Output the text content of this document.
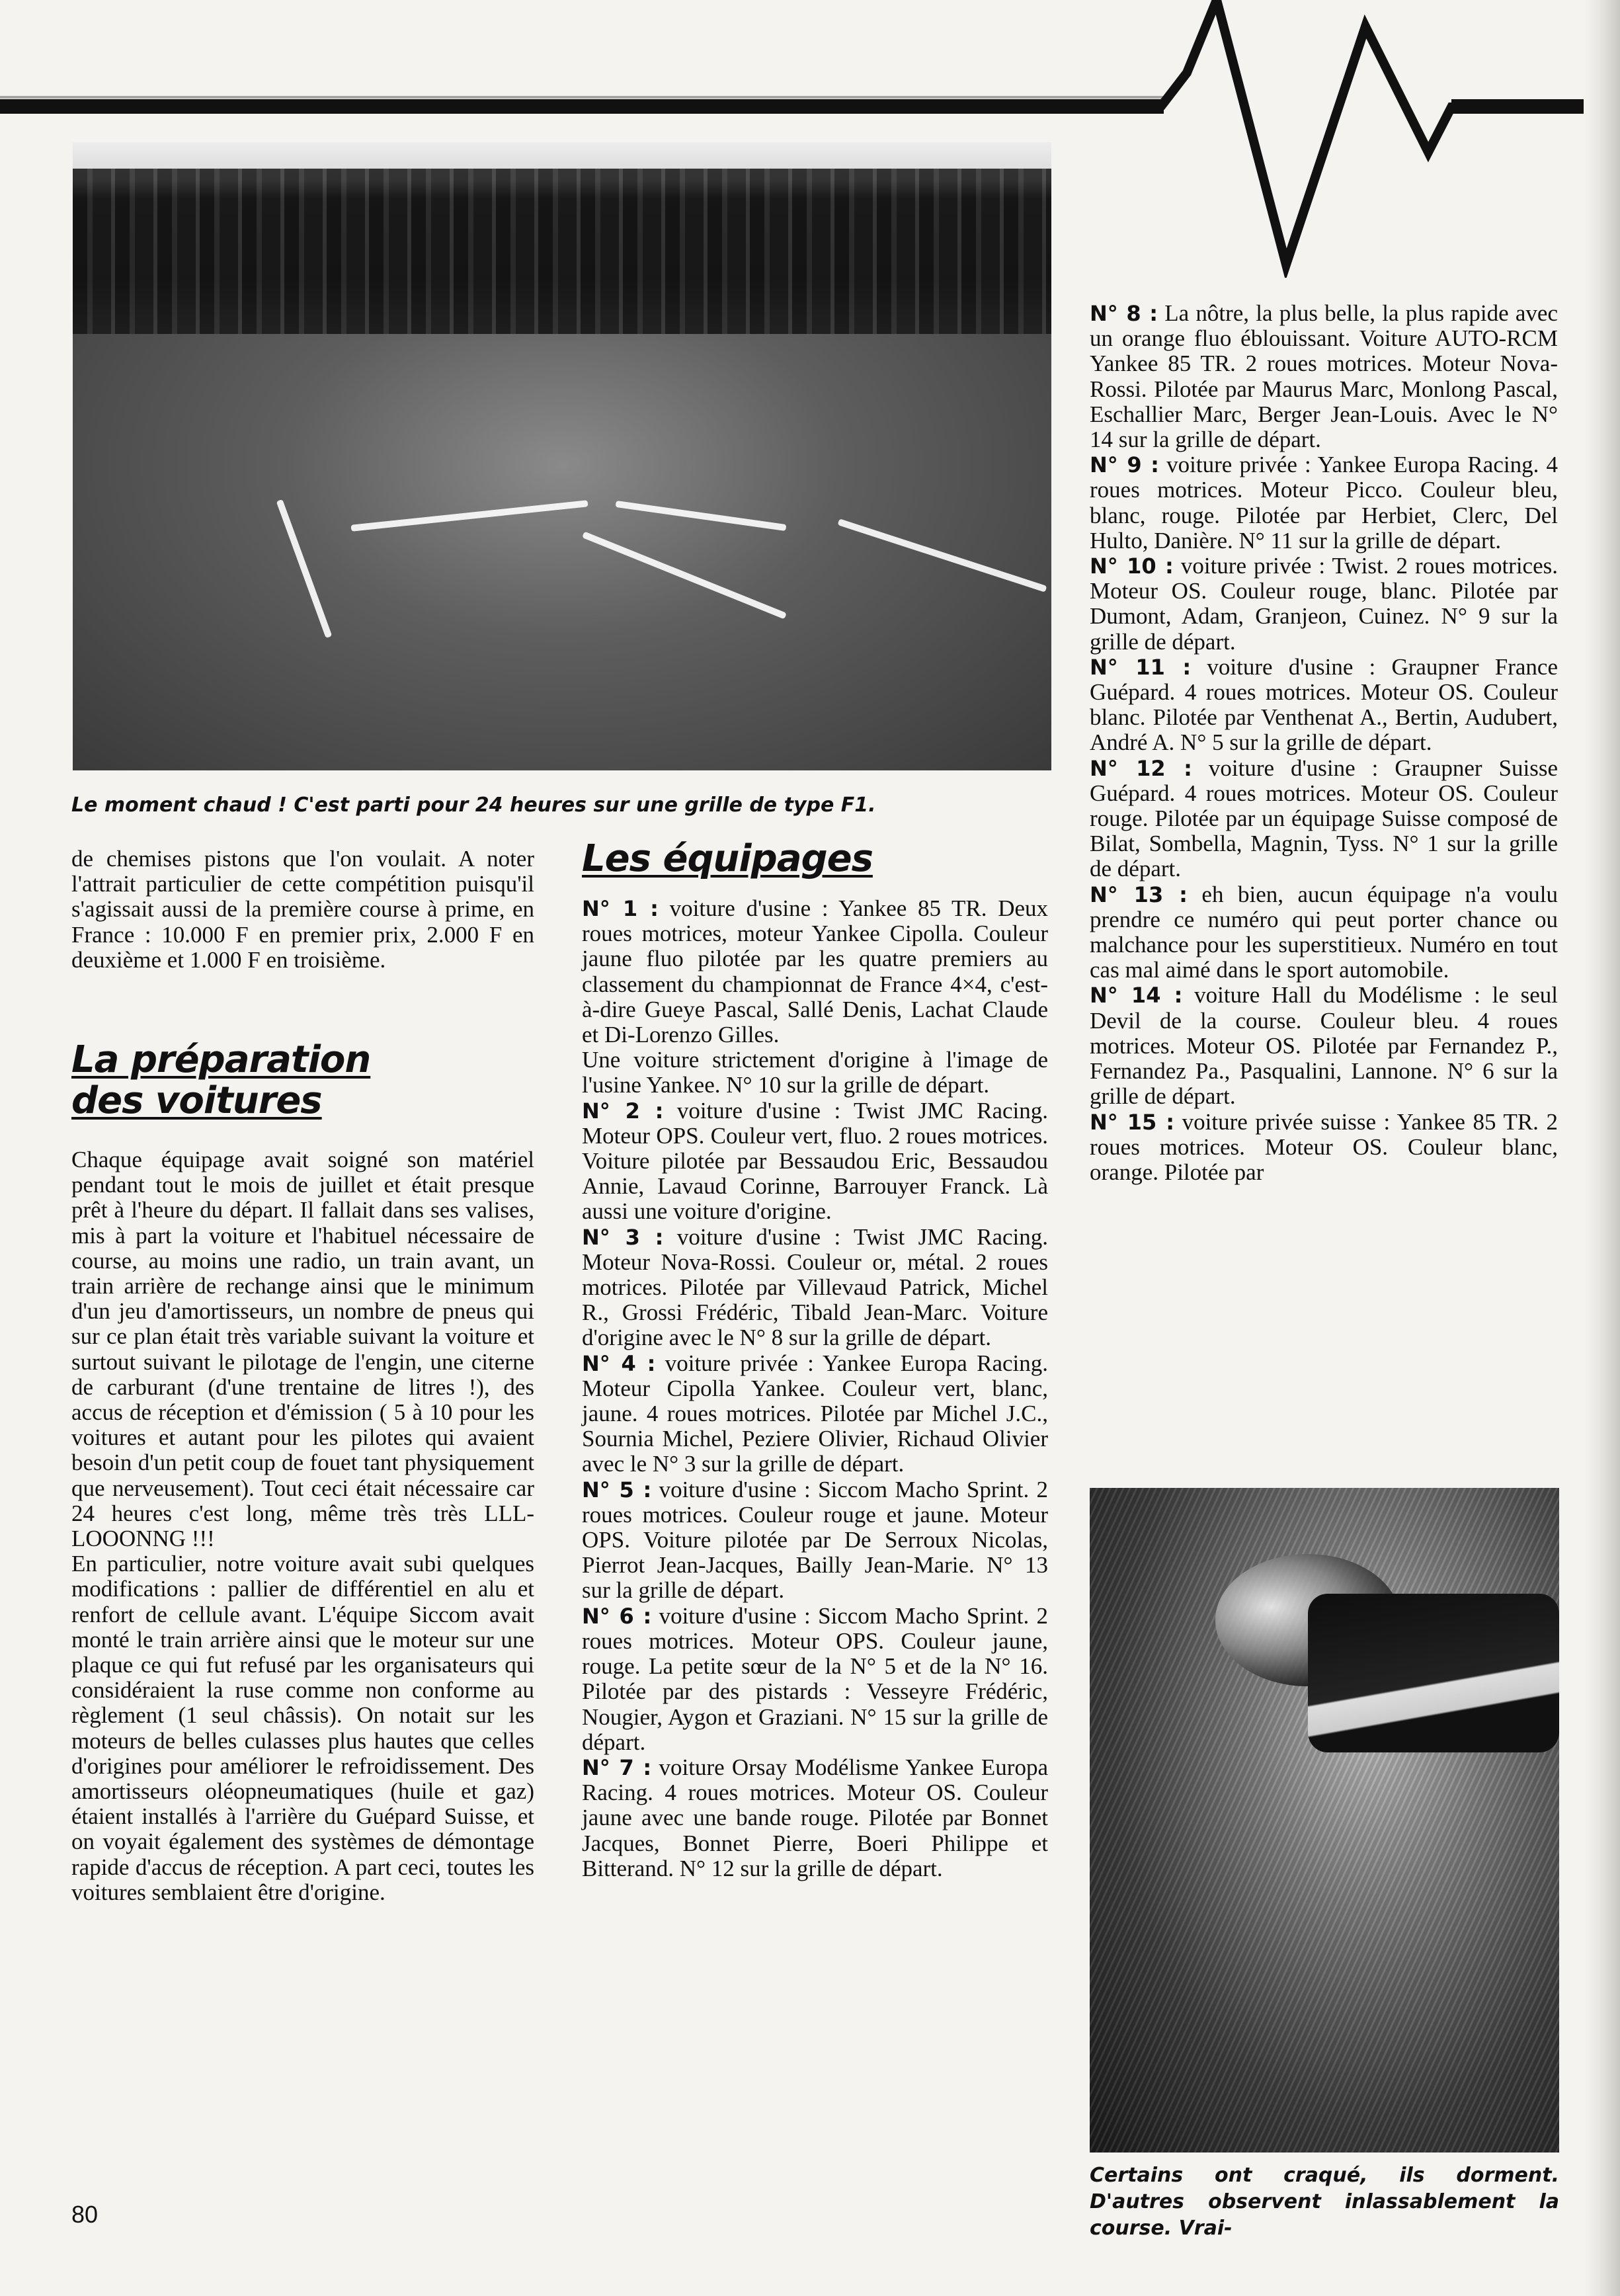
Le moment chaud ! C'est parti pour 24 heures sur une grille de type F1.

de chemises pistons que l'on voulait. A noter l'attrait particulier de cette compétition puisqu'il s'agissait aussi de la première course à prime, en France : 10.000 F en premier prix, 2.000 F en deuxième et 1.000 F en troisième.

La préparation
des voitures

Chaque équipage avait soigné son matériel pendant tout le mois de juillet et était presque prêt à l'heure du départ. Il fallait dans ses valises, mis à part la voiture et l'habituel nécessaire de course, au moins une radio, un train avant, un train arrière de rechange ainsi que le minimum d'un jeu d'amortisseurs, un nombre de pneus qui sur ce plan était très variable suivant la voiture et surtout suivant le pilotage de l'engin, une citerne de carburant (d'une trentaine de litres !), des accus de réception et d'émission ( 5 à 10 pour les voitures et autant pour les pilotes qui avaient besoin d'un petit coup de fouet tant physiquement que nerveusement). Tout ceci était nécessaire car 24 heures c'est long, même très très LLL-LOOONNG !!!

En particulier, notre voiture avait subi quelques modifications : pallier de différentiel en alu et renfort de cellule avant. L'équipe Siccom avait monté le train arrière ainsi que le moteur sur une plaque ce qui fut refusé par les organisateurs qui considéraient la ruse comme non conforme au règlement (1 seul châssis). On notait sur les moteurs de belles culasses plus hautes que celles d'origines pour améliorer le refroidissement. Des amortisseurs oléopneumatiques (huile et gaz) étaient installés à l'arrière du Guépard Suisse, et on voyait également des systèmes de démontage rapide d'accus de réception. A part ceci, toutes les voitures semblaient être d'origine.

Les équipages

N° 1 : voiture d'usine : Yankee 85 TR. Deux roues motrices, moteur Yankee Cipolla. Couleur jaune fluo pilotée par les quatre premiers au classement du championnat de France 4×4, c'est-à-dire Gueye Pascal, Sallé Denis, Lachat Claude et Di-Lorenzo Gilles.

Une voiture strictement d'origine à l'image de l'usine Yankee. N° 10 sur la grille de départ.

N° 2 : voiture d'usine : Twist JMC Racing. Moteur OPS. Couleur vert, fluo. 2 roues motrices. Voiture pilotée par Bessaudou Eric, Bessaudou Annie, Lavaud Corinne, Barrouyer Franck. Là aussi une voiture d'origine.

N° 3 : voiture d'usine : Twist JMC Racing. Moteur Nova-Rossi. Couleur or, métal. 2 roues motrices. Pilotée par Villevaud Patrick, Michel R., Grossi Frédéric, Tibald Jean-Marc. Voiture d'origine avec le N° 8 sur la grille de départ.

N° 4 : voiture privée : Yankee Europa Racing. Moteur Cipolla Yankee. Couleur vert, blanc, jaune. 4 roues motrices. Pilotée par Michel J.C., Sournia Michel, Peziere Olivier, Richaud Olivier avec le N° 3 sur la grille de départ.

N° 5 : voiture d'usine : Siccom Macho Sprint. 2 roues motrices. Couleur rouge et jaune. Moteur OPS. Voiture pilotée par De Serroux Nicolas, Pierrot Jean-Jacques, Bailly Jean-Marie. N° 13 sur la grille de départ.

N° 6 : voiture d'usine : Siccom Macho Sprint. 2 roues motrices. Moteur OPS. Couleur jaune, rouge. La petite sœur de la N° 5 et de la N° 16. Pilotée par des pistards : Vesseyre Frédéric, Nougier, Aygon et Graziani. N° 15 sur la grille de départ.

N° 7 : voiture Orsay Modélisme Yankee Europa Racing. 4 roues motrices. Moteur OS. Couleur jaune avec une bande rouge. Pilotée par Bonnet Jacques, Bonnet Pierre, Boeri Philippe et Bitterand. N° 12 sur la grille de départ.

N° 8 : La nôtre, la plus belle, la plus rapide avec un orange fluo éblouissant. Voiture AUTO-RCM Yankee 85 TR. 2 roues motrices. Moteur Nova-Rossi. Pilotée par Maurus Marc, Monlong Pascal, Eschallier Marc, Berger Jean-Louis. Avec le N° 14 sur la grille de départ.

N° 9 : voiture privée : Yankee Europa Racing. 4 roues motrices. Moteur Picco. Couleur bleu, blanc, rouge. Pilotée par Herbiet, Clerc, Del Hulto, Danière. N° 11 sur la grille de départ.

N° 10 : voiture privée : Twist. 2 roues motrices. Moteur OS. Couleur rouge, blanc. Pilotée par Dumont, Adam, Granjeon, Cuinez. N° 9 sur la grille de départ.

N° 11 : voiture d'usine : Graupner France Guépard. 4 roues motrices. Moteur OS. Couleur blanc. Pilotée par Venthenat A., Bertin, Audubert, André A. N° 5 sur la grille de départ.

N° 12 : voiture d'usine : Graupner Suisse Guépard. 4 roues motrices. Moteur OS. Couleur rouge. Pilotée par un équipage Suisse composé de Bilat, Sombella, Magnin, Tyss. N° 1 sur la grille de départ.

N° 13 : eh bien, aucun équipage n'a voulu prendre ce numéro qui peut porter chance ou malchance pour les superstitieux. Numéro en tout cas mal aimé dans le sport automobile.

N° 14 : voiture Hall du Modélisme : le seul Devil de la course. Couleur bleu. 4 roues motrices. Moteur OS. Pilotée par Fernandez P., Fernandez Pa., Pasqualini, Lannone. N° 6 sur la grille de départ.

N° 15 : voiture privée suisse : Yankee 85 TR. 2 roues motrices. Moteur OS. Couleur blanc, orange. Pilotée par

Certains ont craqué, ils dorment. D'autres observent inlassablement la course. Vrai-
80
